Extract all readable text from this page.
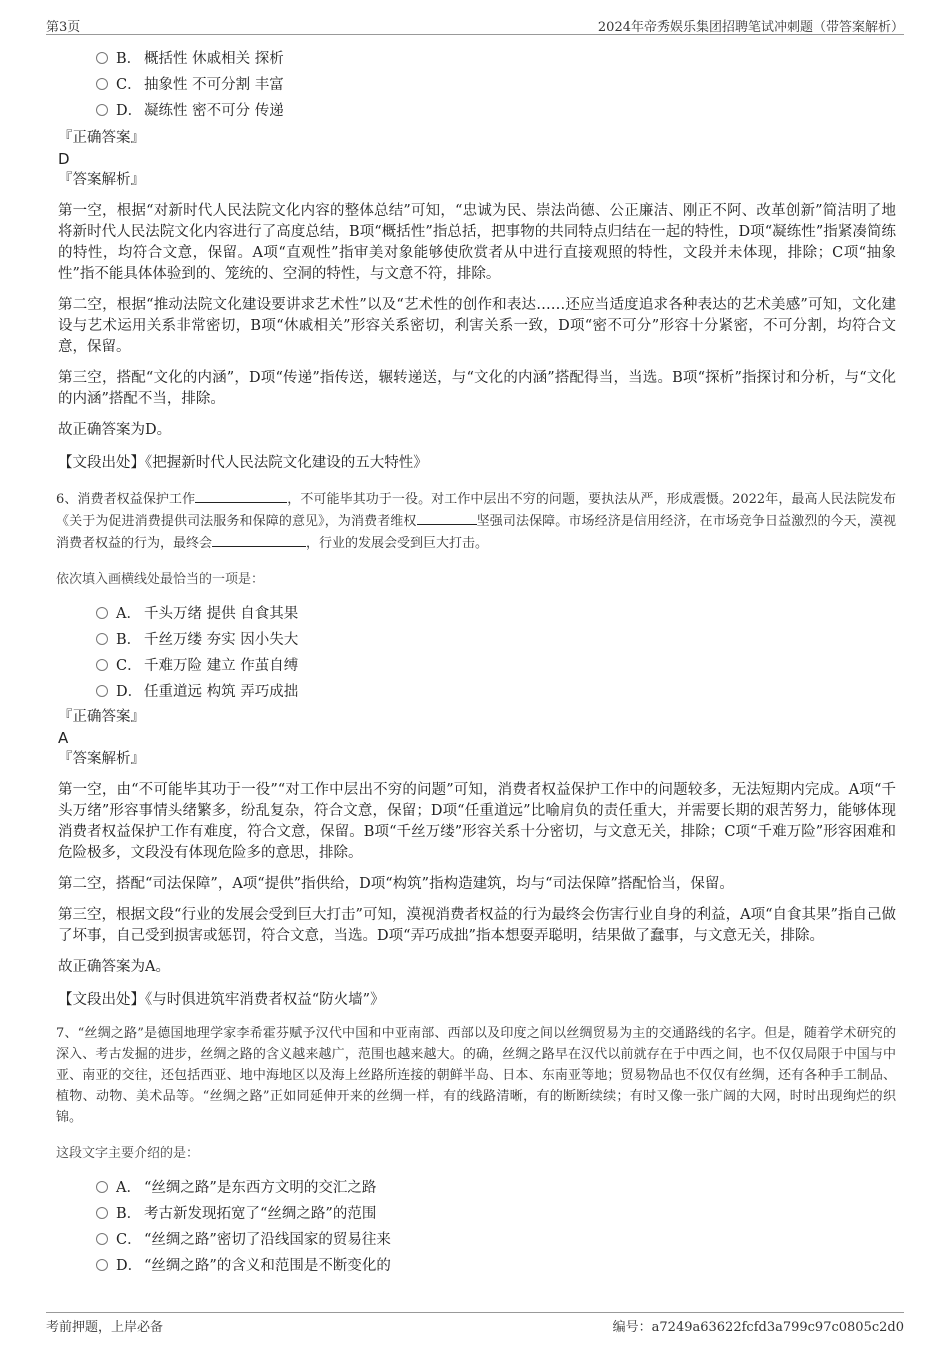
第3页	2024年帝秀娱乐集团招聘笔试冲刺题（带答案解析）
B． 概括性 休戚相关 探析
C． 抽象性 不可分割 丰富
D． 凝练性 密不可分 传递
『正确答案』
D
『答案解析』

第一空，根据“对新时代人民法院文化内容的整体总结”可知，“忠诚为民、崇法尚德、公正廉洁、刚正不阿、改革创新”简洁明了地将新时代人民法院文化内容进行了高度总结，B项“概括性”指总括，把事物的共同特点归结在一起的特性，D项“凝练性”指紧凑简练的特性，均符合文意，保留。A项“直观性”指审美对象能够使欣赏者从中进行直接观照的特性，文段并未体现，排除；C项“抽象性”指不能具体体验到的、笼统的、空洞的特性，与文意不符，排除。

第二空，根据“推动法院文化建设要讲求艺术性”以及“艺术性的创作和表达……还应当适度追求各种表达的艺术美感”可知，文化建设与艺术运用关系非常密切，B项“休戚相关”形容关系密切，利害关系一致，D项“密不可分”形容十分紧密，不可分割，均符合文意，保留。

第三空，搭配“文化的内涵”，D项“传递”指传送，辗转递送，与“文化的内涵”搭配得当，当选。B项“探析”指探讨和分析，与“文化的内涵”搭配不当，排除。

故正确答案为D。

【文段出处】《把握新时代人民法院文化建设的五大特性》
6、消费者权益保护工作	，不可能毕其功于一役。对工作中层出不穷的问题，要执法从严，形成震慑。2022年，最高人民法院发布《关于为促进消费提供司法服务和保障的意见》，为消费者维权	坚强司法保障。市场经济是信用经济，在市场竞争日益激烈的今天，漠视消费者权益的行为，最终会	，行业的发展会受到巨大打击。
依次填入画横线处最恰当的一项是：
A． 千头万绪 提供 自食其果
B． 千丝万缕 夯实 因小失大
C． 千难万险 建立 作茧自缚
D． 任重道远 构筑 弄巧成拙
『正确答案』
A
『答案解析』

第一空，由“不可能毕其功于一役”“对工作中层出不穷的问题”可知，消费者权益保护工作中的问题较多，无法短期内完成。A项“千头万绪”形容事情头绪繁多，纷乱复杂，符合文意，保留；D项“任重道远”比喻肩负的责任重大，并需要长期的艰苦努力，能够体现消费者权益保护工作有难度，符合文意，保留。B项“千丝万缕”形容关系十分密切，与文意无关，排除；C项“千难万险”形容困难和危险极多，文段没有体现危险多的意思，排除。

第二空，搭配“司法保障”，A项“提供”指供给，D项“构筑”指构造建筑，均与“司法保障”搭配恰当，保留。

第三空，根据文段“行业的发展会受到巨大打击”可知，漠视消费者权益的行为最终会伤害行业自身的利益，A项“自食其果”指自己做了坏事，自己受到损害或惩罚，符合文意，当选。D项“弄巧成拙”指本想耍弄聪明，结果做了蠢事，与文意无关，排除。

故正确答案为A。

【文段出处】《与时俱进筑牢消费者权益“防火墙”》
7、“丝绸之路”是德国地理学家李希霍芬赋予汉代中国和中亚南部、西部以及印度之间以丝绸贸易为主的交通路线的名字。但是，随着学术研究的深入、考古发掘的进步，丝绸之路的含义越来越广，范围也越来越大。的确，丝绸之路早在汉代以前就存在于中西之间，也不仅仅局限于中国与中亚、南亚的交往，还包括西亚、地中海地区以及海上丝路所连接的朝鲜半岛、日本、东南亚等地；贸易物品也不仅仅有丝绸，还有各种手工制品、植物、动物、美术品等。“丝绸之路”正如同延伸开来的丝绸一样，有的线路清晰，有的断断续续；有时又像一张广阔的大网，时时出现绚烂的织锦。
这段文字主要介绍的是：
A． “丝绸之路”是东西方文明的交汇之路
B． 考古新发现拓宽了“丝绸之路”的范围
C． “丝绸之路”密切了沿线国家的贸易往来
D． “丝绸之路”的含义和范围是不断变化的
考前押题，上岸必备	编号：a7249a63622fcfd3a799c97c0805c2d0
